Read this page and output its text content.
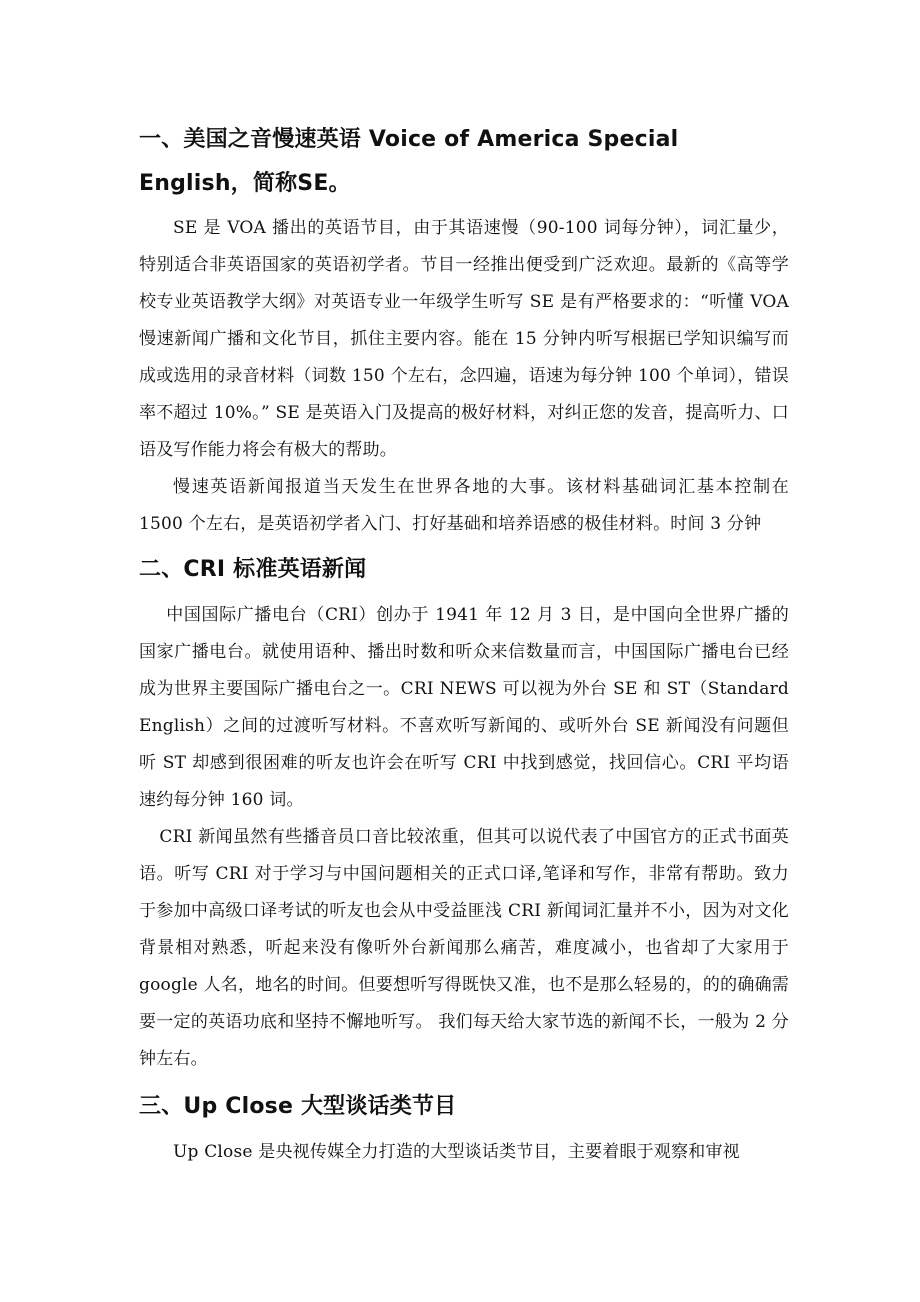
一、美国之音慢速英语 Voice of America Special English，简称SE。

SE 是 VOA 播出的英语节目，由于其语速慢（90-100 词每分钟），词汇量少，特别适合非英语国家的英语初学者。节目一经推出便受到广泛欢迎。最新的《高等学校专业英语教学大纲》对英语专业一年级学生听写 SE 是有严格要求的：“听懂 VOA 慢速新闻广播和文化节目，抓住主要内容。能在 15 分钟内听写根据已学知识编写而成或选用的录音材料（词数 150 个左右，念四遍，语速为每分钟 100 个单词），错误率不超过 10%。” SE 是英语入门及提高的极好材料，对纠正您的发音，提高听力、口语及写作能力将会有极大的帮助。

慢速英语新闻报道当天发生在世界各地的大事。该材料基础词汇基本控制在 1500 个左右，是英语初学者入门、打好基础和培养语感的极佳材料。时间 3 分钟

二、CRI 标准英语新闻

中国国际广播电台（CRI）创办于 1941 年 12 月 3 日，是中国向全世界广播的国家广播电台。就使用语种、播出时数和听众来信数量而言，中国国际广播电台已经成为世界主要国际广播电台之一。CRI NEWS 可以视为外台 SE 和 ST（Standard English）之间的过渡听写材料。不喜欢听写新闻的、或听外台 SE 新闻没有问题但听 ST 却感到很困难的听友也许会在听写 CRI 中找到感觉，找回信心。CRI 平均语速约每分钟 160 词。

CRI 新闻虽然有些播音员口音比较浓重，但其可以说代表了中国官方的正式书面英语。听写 CRI 对于学习与中国问题相关的正式口译,笔译和写作，非常有帮助。致力于参加中高级口译考试的听友也会从中受益匪浅 CRI 新闻词汇量并不小，因为对文化背景相对熟悉，听起来没有像听外台新闻那么痛苦，难度减小，也省却了大家用于 google 人名，地名的时间。但要想听写得既快又准，也不是那么轻易的，的的确确需要一定的英语功底和坚持不懈地听写。 我们每天给大家节选的新闻不长，一般为 2 分钟左右。

三、Up Close 大型谈话类节目

Up Close 是央视传媒全力打造的大型谈话类节目，主要着眼于观察和审视
